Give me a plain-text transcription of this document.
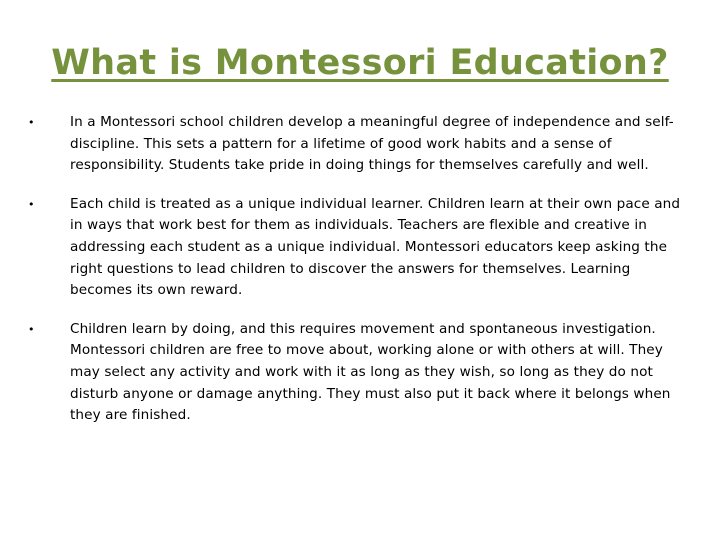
What is Montessori Education?
•	In a Montessori school children develop a meaningful degree of independence and self-discipline. This sets a pattern for a lifetime of good work habits and a sense of responsibility. Students take pride in doing things for themselves carefully and well.
•	Each child is treated as a unique individual learner. Children learn at their own pace and in ways that work best for them as individuals. Teachers are flexible and creative in addressing each student as a unique individual. Montessori educators keep asking the right questions to lead children to discover the answers for themselves. Learning becomes its own reward.
•	Children learn by doing, and this requires movement and spontaneous investigation. Montessori children are free to move about, working alone or with others at will. They may select any activity and work with it as long as they wish, so long as they do not disturb anyone or damage anything. They must also put it back where it belongs when they are finished.
